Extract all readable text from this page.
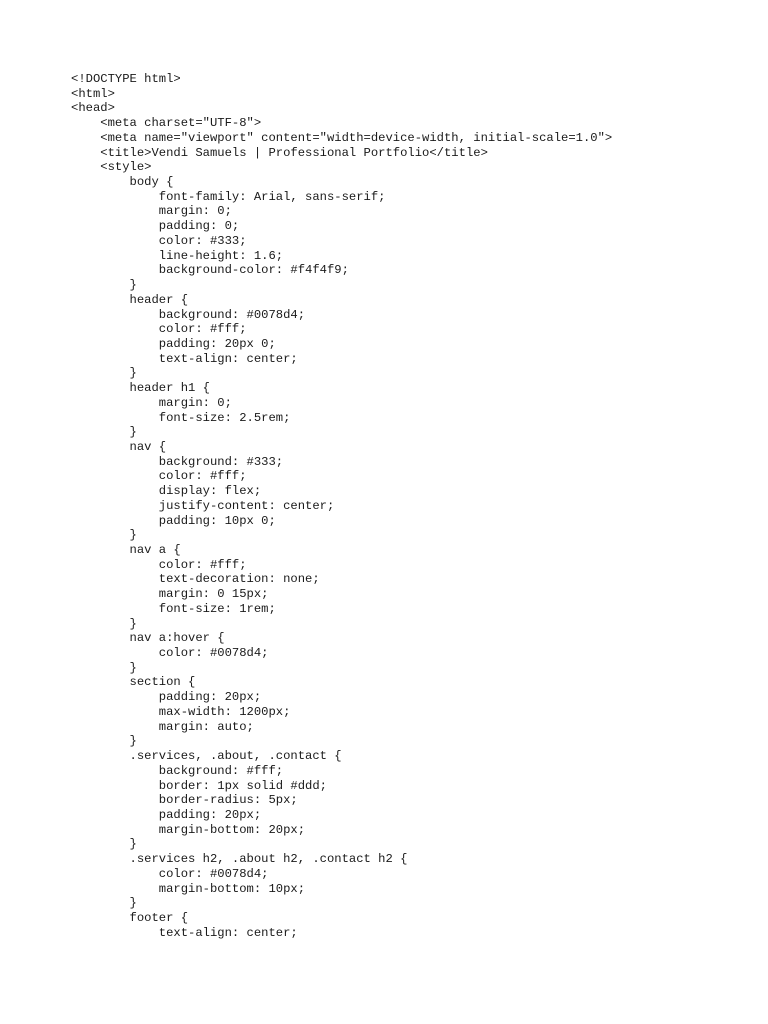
<!DOCTYPE html>
<html>
<head>
<meta charset="UTF-8">
<meta name="viewport" content="width=device-width, initial-scale=1.0">
<title>Vendi Samuels | Professional Portfolio</title>
<style>
body {
font-family: Arial, sans-serif;
margin: 0;
padding: 0;
color: #333;
line-height: 1.6;
background-color: #f4f4f9;
}
header {
background: #0078d4;
color: #fff;
padding: 20px 0;
text-align: center;
}
header h1 {
margin: 0;
font-size: 2.5rem;
}
nav {
background: #333;
color: #fff;
display: flex;
justify-content: center;
padding: 10px 0;
}
nav a {
color: #fff;
text-decoration: none;
margin: 0 15px;
font-size: 1rem;
}
nav a:hover {
color: #0078d4;
}
section {
padding: 20px;
max-width: 1200px;
margin: auto;
}
.services, .about, .contact {
background: #fff;
border: 1px solid #ddd;
border-radius: 5px;
padding: 20px;
margin-bottom: 20px;
}
.services h2, .about h2, .contact h2 {
color: #0078d4;
margin-bottom: 10px;
}
footer {
text-align: center;
